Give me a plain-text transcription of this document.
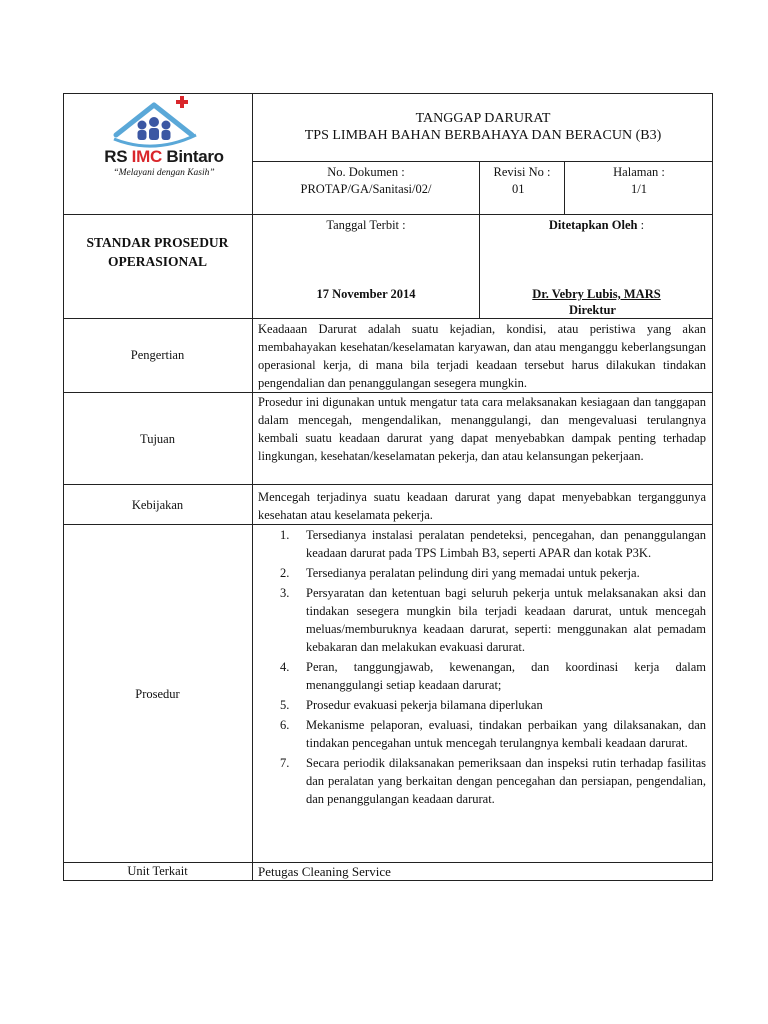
RS IMC Bintaro
“Melayani dengan Kasih”
TANGGAP DARURAT
TPS LIMBAH BAHAN BERBAHAYA DAN BERACUN (B3)
No. Dokumen :
PROTAP/GA/Sanitasi/02/
Revisi No :
01
Halaman :
1/1
STANDAR PROSEDUR
OPERASIONAL
Tanggal Terbit :
17 November 2014
Ditetapkan Oleh :
Dr. Vebry Lubis, MARS
Direktur
Pengertian
Keadaaan Darurat adalah suatu kejadian, kondisi, atau peristiwa yang akan membahayakan kesehatan/keselamatan karyawan, dan atau menganggu keberlangsungan operasional kerja, di mana bila terjadi keadaan tersebut harus dilakukan tindakan pengendalian dan penanggulangan sesegera mungkin.
Tujuan
Prosedur ini digunakan untuk mengatur tata cara melaksanakan kesiagaan dan tanggapan dalam mencegah, mengendalikan, menanggulangi, dan mengevaluasi terulangnya kembali suatu keadaan darurat yang dapat menyebabkan dampak penting terhadap lingkungan, kesehatan/keselamatan pekerja, dan atau kelansungan pekerjaan.
Kebijakan
Mencegah terjadinya suatu keadaan darurat yang dapat menyebabkan terganggunya kesehatan atau keselamata pekerja.
Prosedur
1. Tersedianya instalasi peralatan pendeteksi, pencegahan, dan penanggulangan keadaan darurat pada TPS Limbah B3, seperti APAR dan kotak P3K.
2. Tersedianya peralatan pelindung diri yang memadai untuk pekerja.
3. Persyaratan dan ketentuan bagi seluruh pekerja untuk melaksanakan aksi dan tindakan sesegera mungkin bila terjadi keadaan darurat, untuk mencegah meluas/memburuknya keadaan darurat, seperti: menggunakan alat pemadam kebakaran dan melakukan evakuasi darurat.
4. Peran, tanggungjawab, kewenangan, dan koordinasi kerja dalam menanggulangi setiap keadaan darurat;
5. Prosedur evakuasi pekerja bilamana diperlukan
6. Mekanisme pelaporan, evaluasi, tindakan perbaikan yang dilaksanakan, dan tindakan pencegahan untuk mencegah terulangnya kembali keadaan darurat.
7. Secara periodik dilaksanakan pemeriksaan dan inspeksi rutin terhadap fasilitas dan peralatan yang berkaitan dengan pencegahan dan persiapan, pengendalian, dan penanggulangan keadaan darurat.
Unit Terkait	Petugas Cleaning Service
